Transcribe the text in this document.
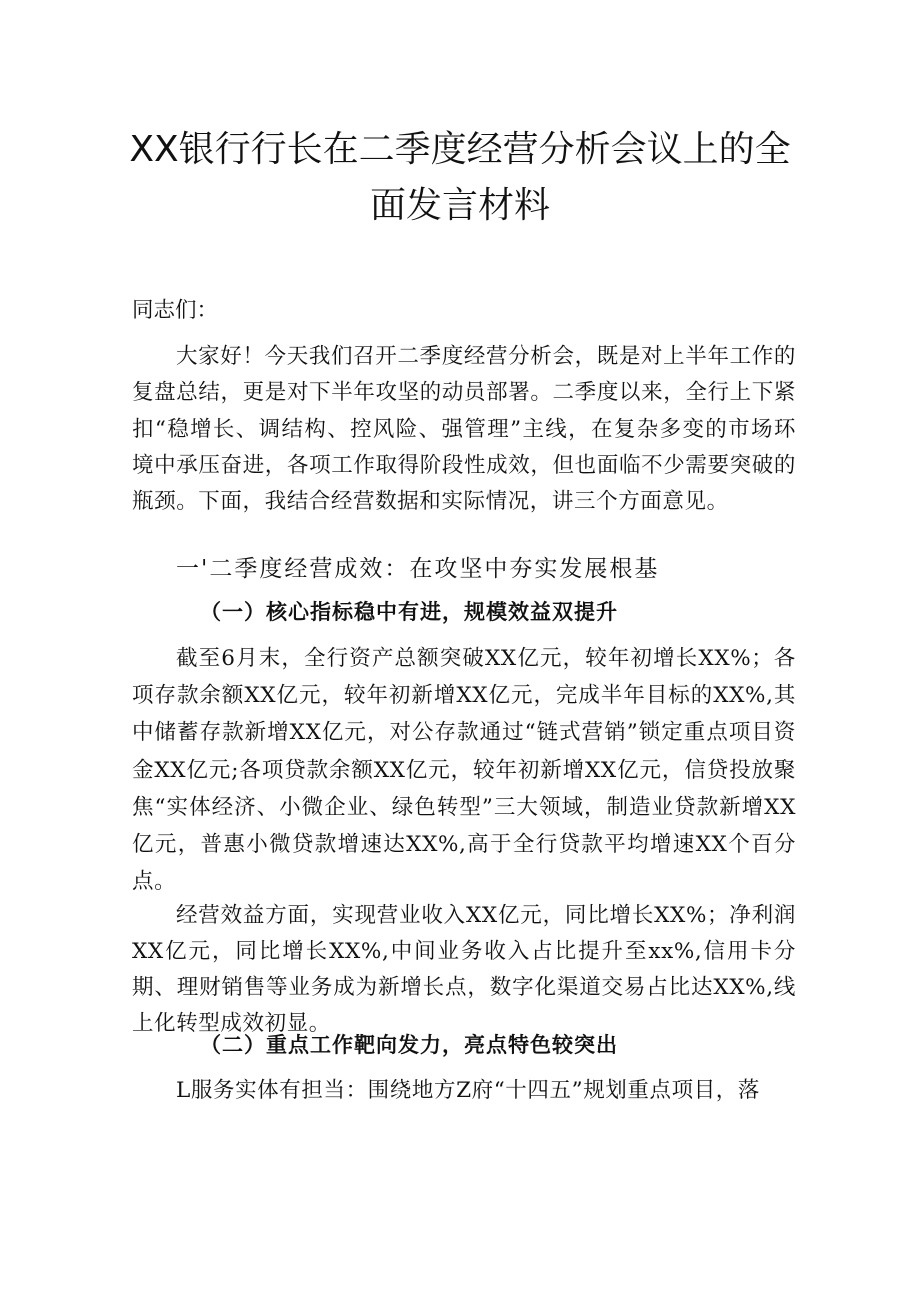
XX银行行长在二季度经营分析会议上的全
面发言材料
同志们：
大家好！今天我们召开二季度经营分析会，既是对上半年工作的复盘总结，更是对下半年攻坚的动员部署。二季度以来，全行上下紧扣“稳增长、调结构、控风险、强管理”主线，在复杂多变的市场环境中承压奋进，各项工作取得阶段性成效，但也面临不少需要突破的瓶颈。下面，我结合经营数据和实际情况，讲三个方面意见。
一'二季度经营成效：在攻坚中夯实发展根基
（一）核心指标稳中有进，规模效益双提升
截至6月末，全行资产总额突破XX亿元，较年初增长XX%；各项存款余额XX亿元，较年初新增XX亿元，完成半年目标的XX%,其中储蓄存款新增XX亿元，对公存款通过“链式营销”锁定重点项目资金XX亿元;各项贷款余额XX亿元，较年初新增XX亿元，信贷投放聚焦“实体经济、小微企业、绿色转型”三大领域，制造业贷款新增XX亿元，普惠小微贷款增速达XX%,高于全行贷款平均增速XX个百分点。
经营效益方面，实现营业收入XX亿元，同比增长XX%；净利润XX亿元，同比增长XX%,中间业务收入占比提升至xx%,信用卡分期、理财销售等业务成为新增长点，数字化渠道交易占比达XX%,线上化转型成效初显。
（二）重点工作靶向发力，亮点特色较突出
L服务实体有担当：围绕地方Z府“十四五”规划重点项目，落
